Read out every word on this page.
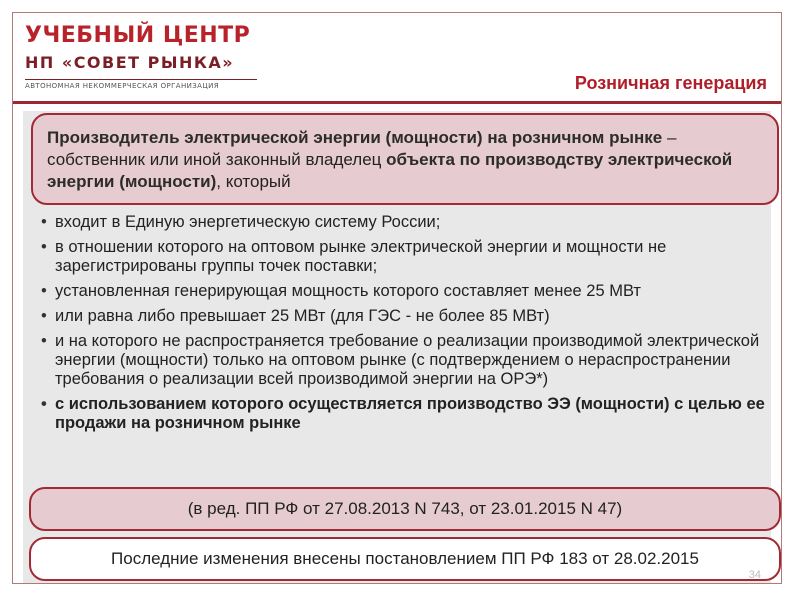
УЧЕБНЫЙ ЦЕНТР
НП «СОВЕТ РЫНКА»
АВТОНОМНАЯ НЕКОММЕРЧЕСКАЯ ОРГАНИЗАЦИЯ	Розничная генерация
Производитель электрической энергии (мощности) на розничном рынке – собственник или иной законный владелец объекта по производству электрической энергии (мощности), который
• входит в Единую энергетическую систему России;
• в отношении которого на оптовом рынке электрической энергии и мощности не зарегистрированы группы точек поставки;
• установленная генерирующая мощность которого составляет менее 25 МВт
• или равна либо превышает 25 МВт (для ГЭС - не более 85 МВт)
• и на которого не распространяется требование о реализации производимой электрической энергии (мощности) только на оптовом рынке (с подтверждением о нераспространении требования о реализации всей производимой энергии на ОРЭ*)
• с использованием которого осуществляется производство ЭЭ (мощности) с целью ее продажи на розничном рынке
(в ред. ПП РФ от 27.08.2013 N 743, от 23.01.2015 N 47)
Последние изменения внесены постановлением ПП РФ 183 от 28.02.2015
34
